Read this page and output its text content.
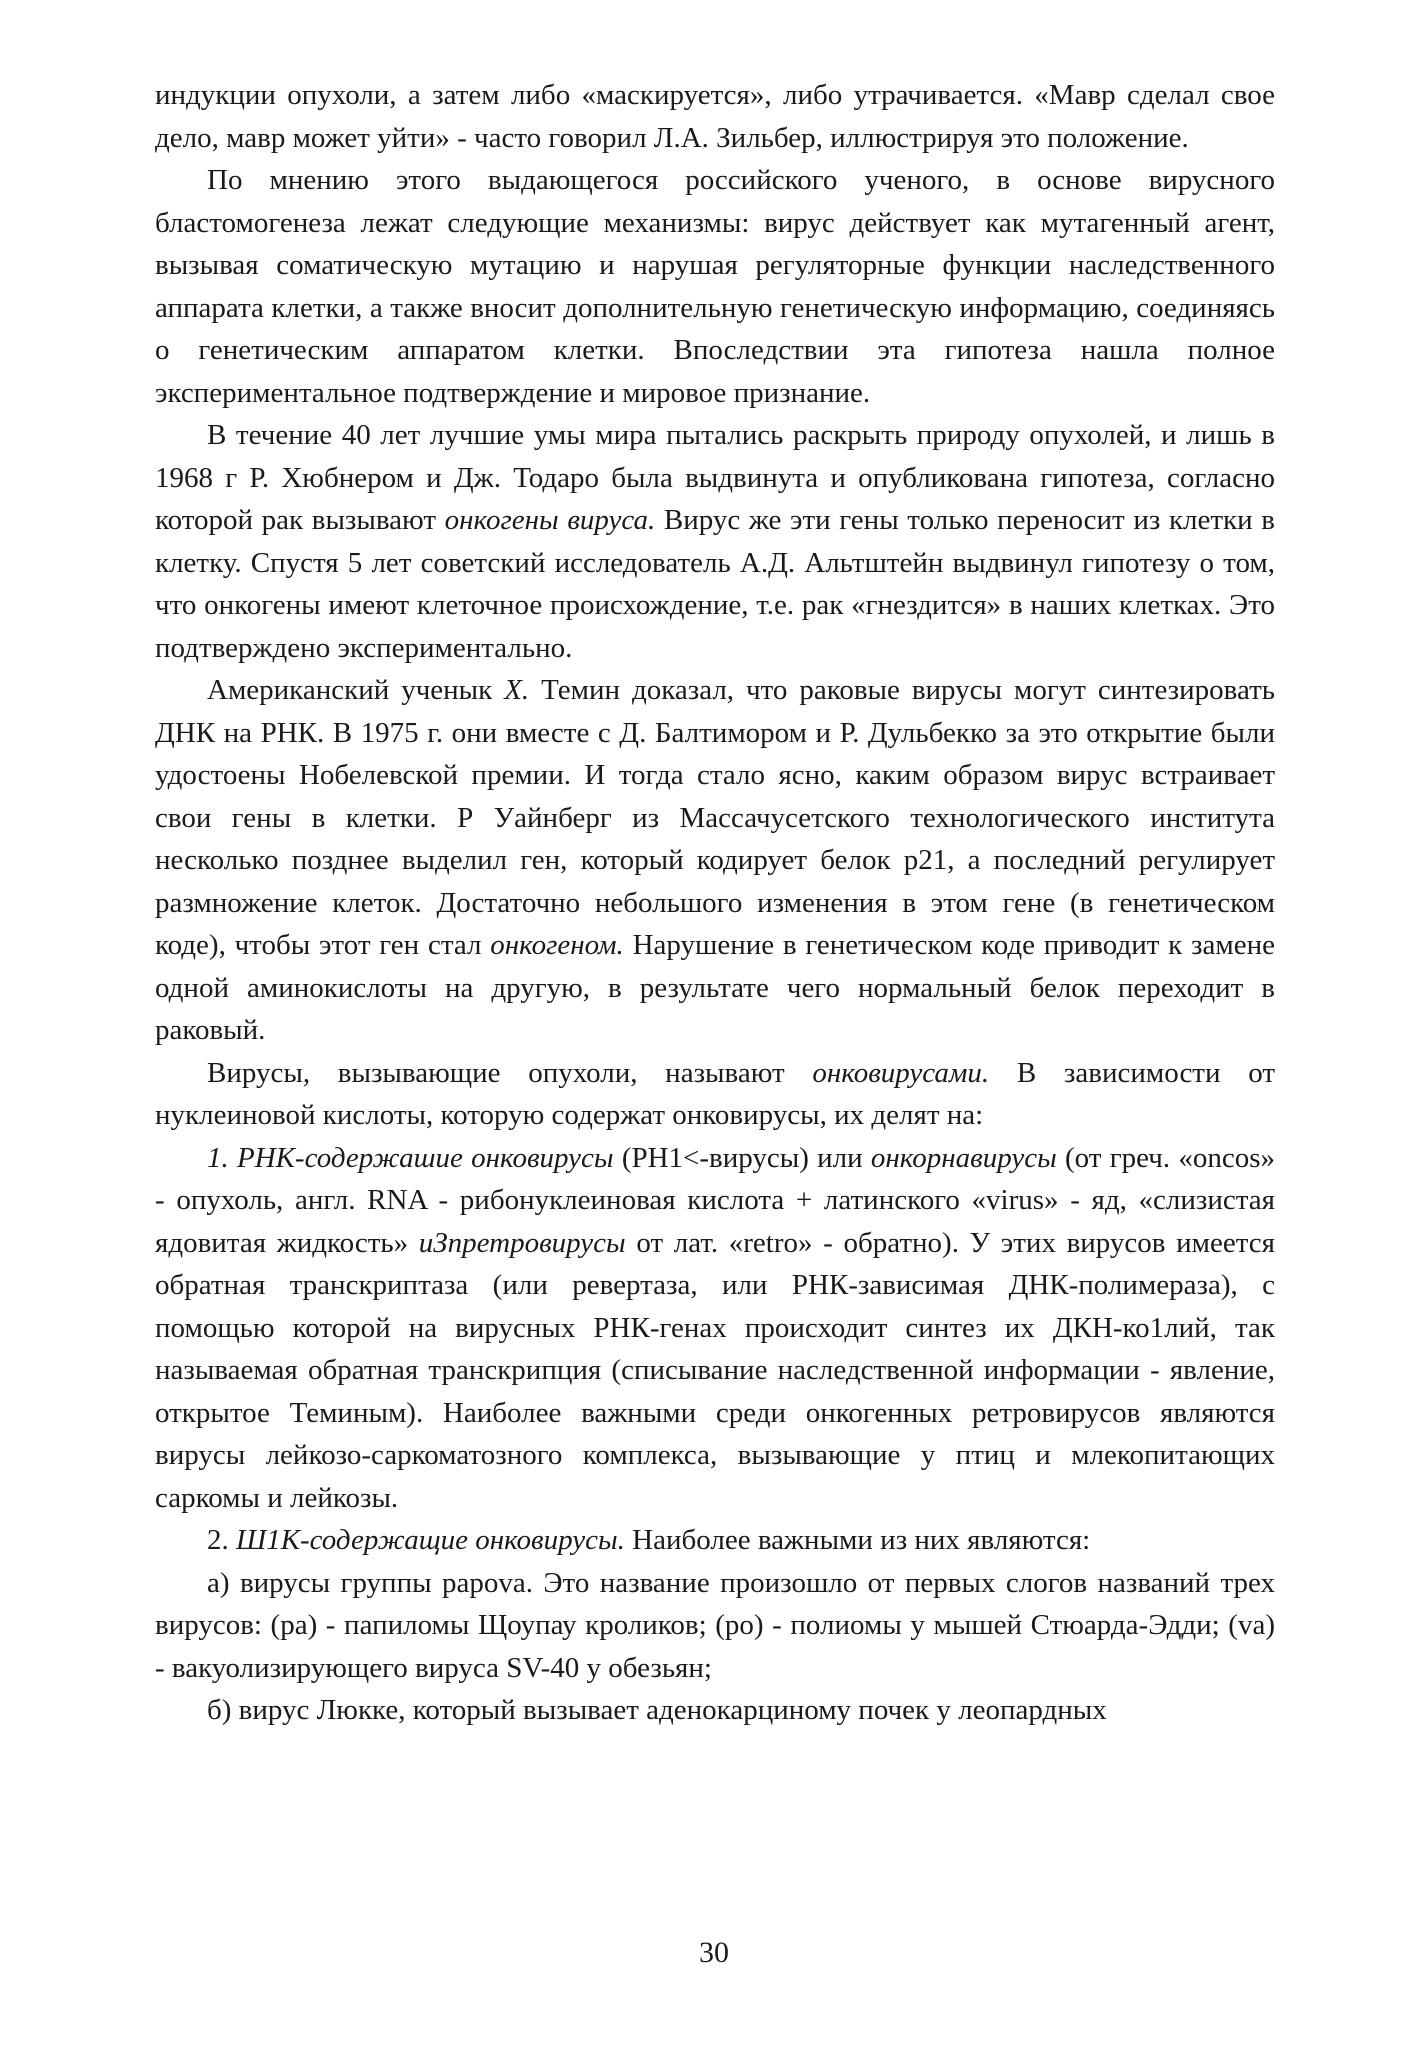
индукции опухоли, а затем либо «маскируется», либо утрачивается. «Мавр сделал свое дело, мавр может уйти» - часто говорил Л.А. Зильбер, иллюстрируя это положение.

По мнению этого выдающегося российского ученого, в основе вирусного бластомогенеза лежат следующие механизмы: вирус действует как мутагенный агент, вызывая соматическую мутацию и нарушая регуляторные функции наследственного аппарата клетки, а также вносит дополнительную генетическую информацию, соединяясь о генетическим аппаратом клетки. Впоследствии эта гипотеза нашла полное экспериментальное подтверждение и мировое признание.

В течение 40 лет лучшие умы мира пытались раскрыть природу опухолей, и лишь в 1968 г Р. Хюбнером и Дж. Тодаро была выдвинута и опубликована гипотеза, согласно которой рак вызывают онкогены вируса. Вирус же эти гены только переносит из клетки в клетку. Спустя 5 лет советский исследователь А.Д. Альтштейн выдвинул гипотезу о том, что онкогены имеют клеточное происхождение, т.е. рак «гнездится» в наших клетках. Это подтверждено экспериментально.

Американский ученык X. Темин доказал, что раковые вирусы могут синтезировать ДНК на РНК. В 1975 г. они вместе с Д. Балтимором и Р. Дульбекко за это открытие были удостоены Нобелевской премии. И тогда стало ясно, каким образом вирус встраивает свои гены в клетки. Р Уайнберг из Массачусетского технологического института несколько позднее выделил ген, который кодирует белок р21, а последний регулирует размножение клеток. Достаточно небольшого изменения в этом гене (в генетическом коде), чтобы этот ген стал онкогеном. Нарушение в генетическом коде приводит к замене одной аминокислоты на другую, в результате чего нормальный белок переходит в раковый.

Вирусы, вызывающие опухоли, называют онковирусами. В зависимости от нуклеиновой кислоты, которую содержат онковирусы, их делят на:

1. РНК-содержашие онковирусы (РН1<-вирусы) или онкорнавирусы (от греч. «oncos» - опухоль, англ. RNA - рибонуклеиновая кислота + латинского «virus» - яд, «слизистая ядовитая жидкость» иЗпретровирусы от лат. «retro» - обратно). У этих вирусов имеется обратная транскриптаза (или ревертаза, или РНК-зависимая ДНК-полимераза), с помощью которой на вирусных РНК-генах происходит синтез их ДКН-ко1лий, так называемая обратная транскрипция (списывание наследственной информации - явление, открытое Теминым). Наиболее важными среди онкогенных ретровирусов являются вирусы лейкозо-саркоматозного комплекса, вызывающие у птиц и млекопитающих саркомы и лейкозы.

2. Ш1К-содержащие онковирусы. Наиболее важными из них являются:

а) вирусы группы papova. Это название произошло от первых слогов названий трех вирусов: (pa) - папиломы Щоупау кроликов; (ро) - полиомы у мышей Стюарда-Эдди; (va) - вакуолизирующего вируса SV-40 у обезьян;

б) вирус Люкке, который вызывает аденокарциному почек у леопардных

30
